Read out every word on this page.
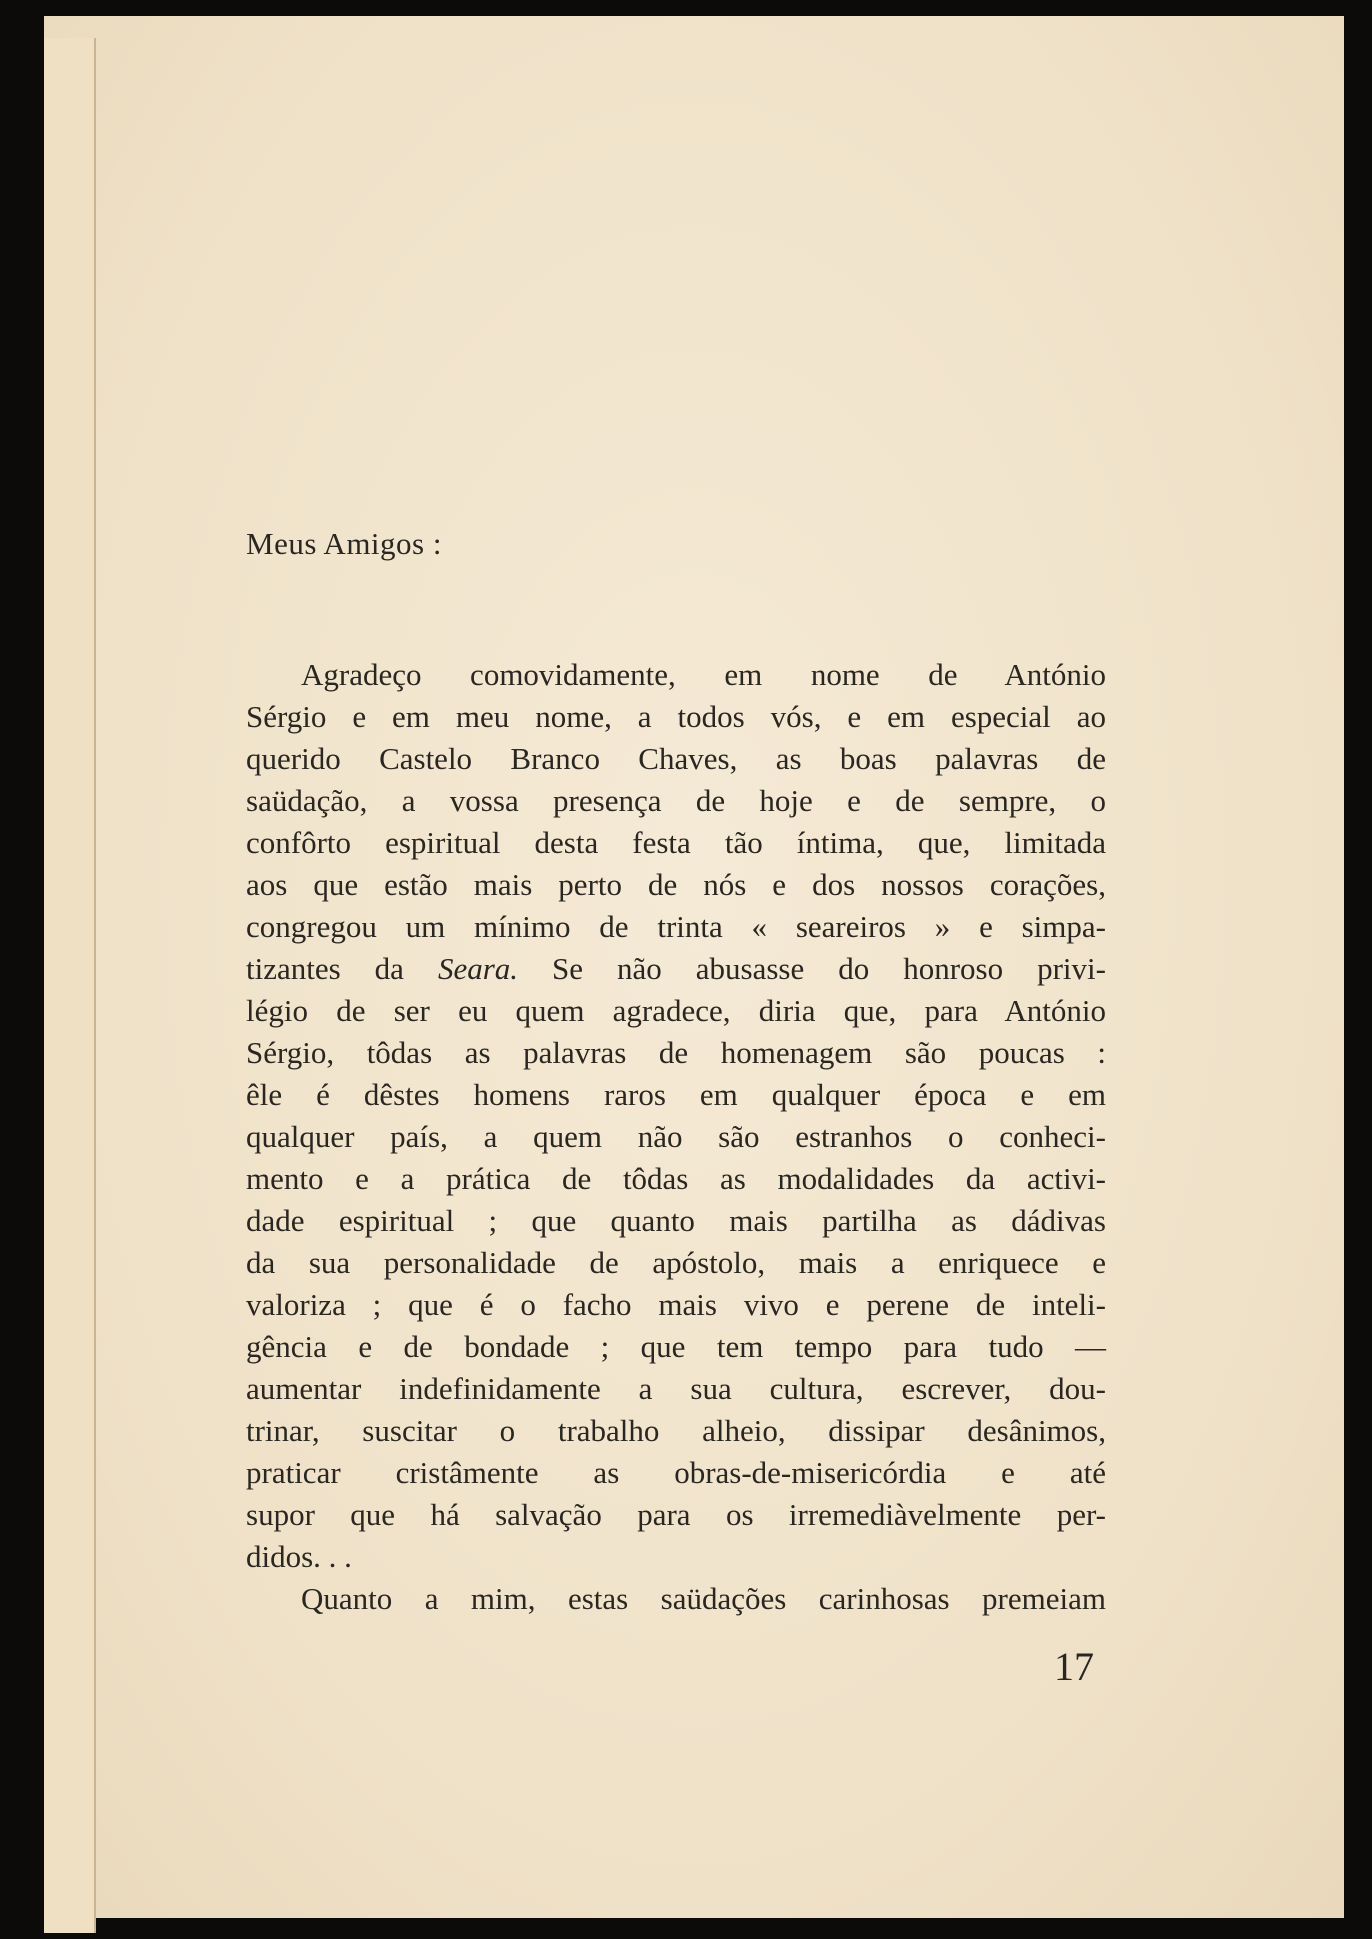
Meus Amigos :
Agradeço comovidamente, em nome de António
Sérgio e em meu nome, a todos vós, e em especial ao
querido Castelo Branco Chaves, as boas palavras de
saüdação, a vossa presença de hoje e de sempre, o
confôrto espiritual desta festa tão íntima, que, limitada
aos que estão mais perto de nós e dos nossos corações,
congregou um mínimo de trinta « seareiros » e simpa-
tizantes da Seara. Se não abusasse do honroso privi-
légio de ser eu quem agradece, diria que, para António
Sérgio, tôdas as palavras de homenagem são poucas :
êle é dêstes homens raros em qualquer época e em
qualquer país, a quem não são estranhos o conheci-
mento e a prática de tôdas as modalidades da activi-
dade espiritual ; que quanto mais partilha as dádivas
da sua personalidade de apóstolo, mais a enriquece e
valoriza ; que é o facho mais vivo e perene de inteli-
gência e de bondade ; que tem tempo para tudo —
aumentar indefinidamente a sua cultura, escrever, dou-
trinar, suscitar o trabalho alheio, dissipar desânimos,
praticar cristâmente as obras-de-misericórdia e até
supor que há salvação para os irremediàvelmente per-
didos. . .
Quanto a mim, estas saüdações carinhosas premeiam
17
